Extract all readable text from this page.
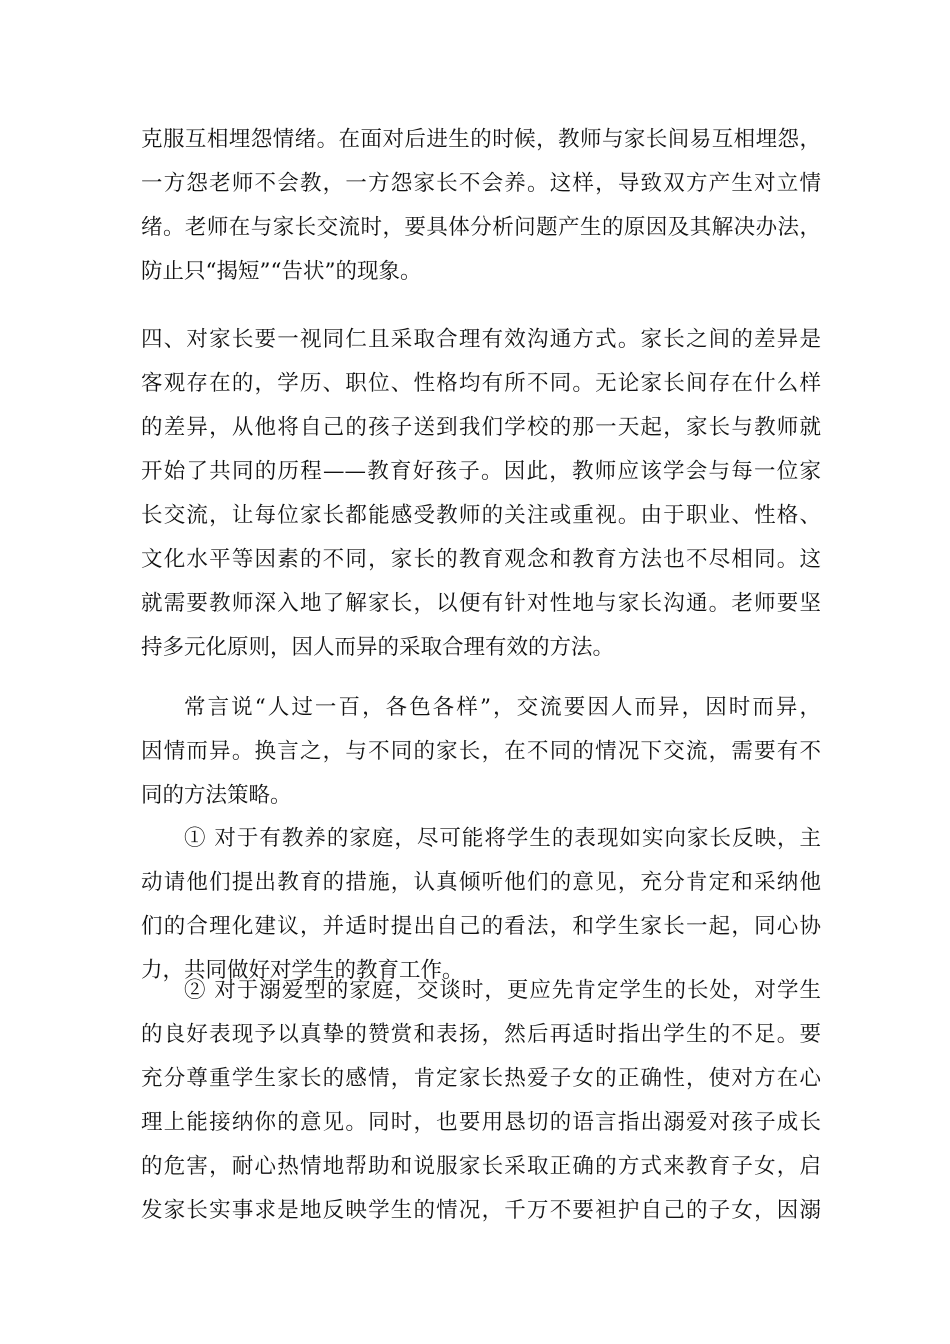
克服互相埋怨情绪。在面对后进生的时候，教师与家长间易互相埋怨，
一方怨老师不会教，一方怨家长不会养。这样，导致双方产生对立情
绪。老师在与家长交流时，要具体分析问题产生的原因及其解决办法，
防止只“揭短”“告状”的现象。
四、对家长要一视同仁且采取合理有效沟通方式。家长之间的差异是
客观存在的，学历、职位、性格均有所不同。无论家长间存在什么样
的差异，从他将自己的孩子送到我们学校的那一天起，家长与教师就
开始了共同的历程——教育好孩子。因此，教师应该学会与每一位家
长交流，让每位家长都能感受教师的关注或重视。由于职业、性格、
文化水平等因素的不同，家长的教育观念和教育方法也不尽相同。这
就需要教师深入地了解家长，以便有针对性地与家长沟通。老师要坚
持多元化原则，因人而异的采取合理有效的方法。
常言说“人过一百，各色各样”，交流要因人而异，因时而异，
因情而异。换言之，与不同的家长，在不同的情况下交流，需要有不
同的方法策略。
① 对于有教养的家庭，尽可能将学生的表现如实向家长反映，主
动请他们提出教育的措施，认真倾听他们的意见，充分肯定和采纳他
们的合理化建议，并适时提出自己的看法，和学生家长一起，同心协
力，共同做好对学生的教育工作。
② 对于溺爱型的家庭，交谈时，更应先肯定学生的长处，对学生
的良好表现予以真挚的赞赏和表扬，然后再适时指出学生的不足。要
充分尊重学生家长的感情，肯定家长热爱子女的正确性，使对方在心
理上能接纳你的意见。同时，也要用恳切的语言指出溺爱对孩子成长
的危害，耐心热情地帮助和说服家长采取正确的方式来教育子女，启
发家长实事求是地反映学生的情况，千万不要袒护自己的子女，因溺
